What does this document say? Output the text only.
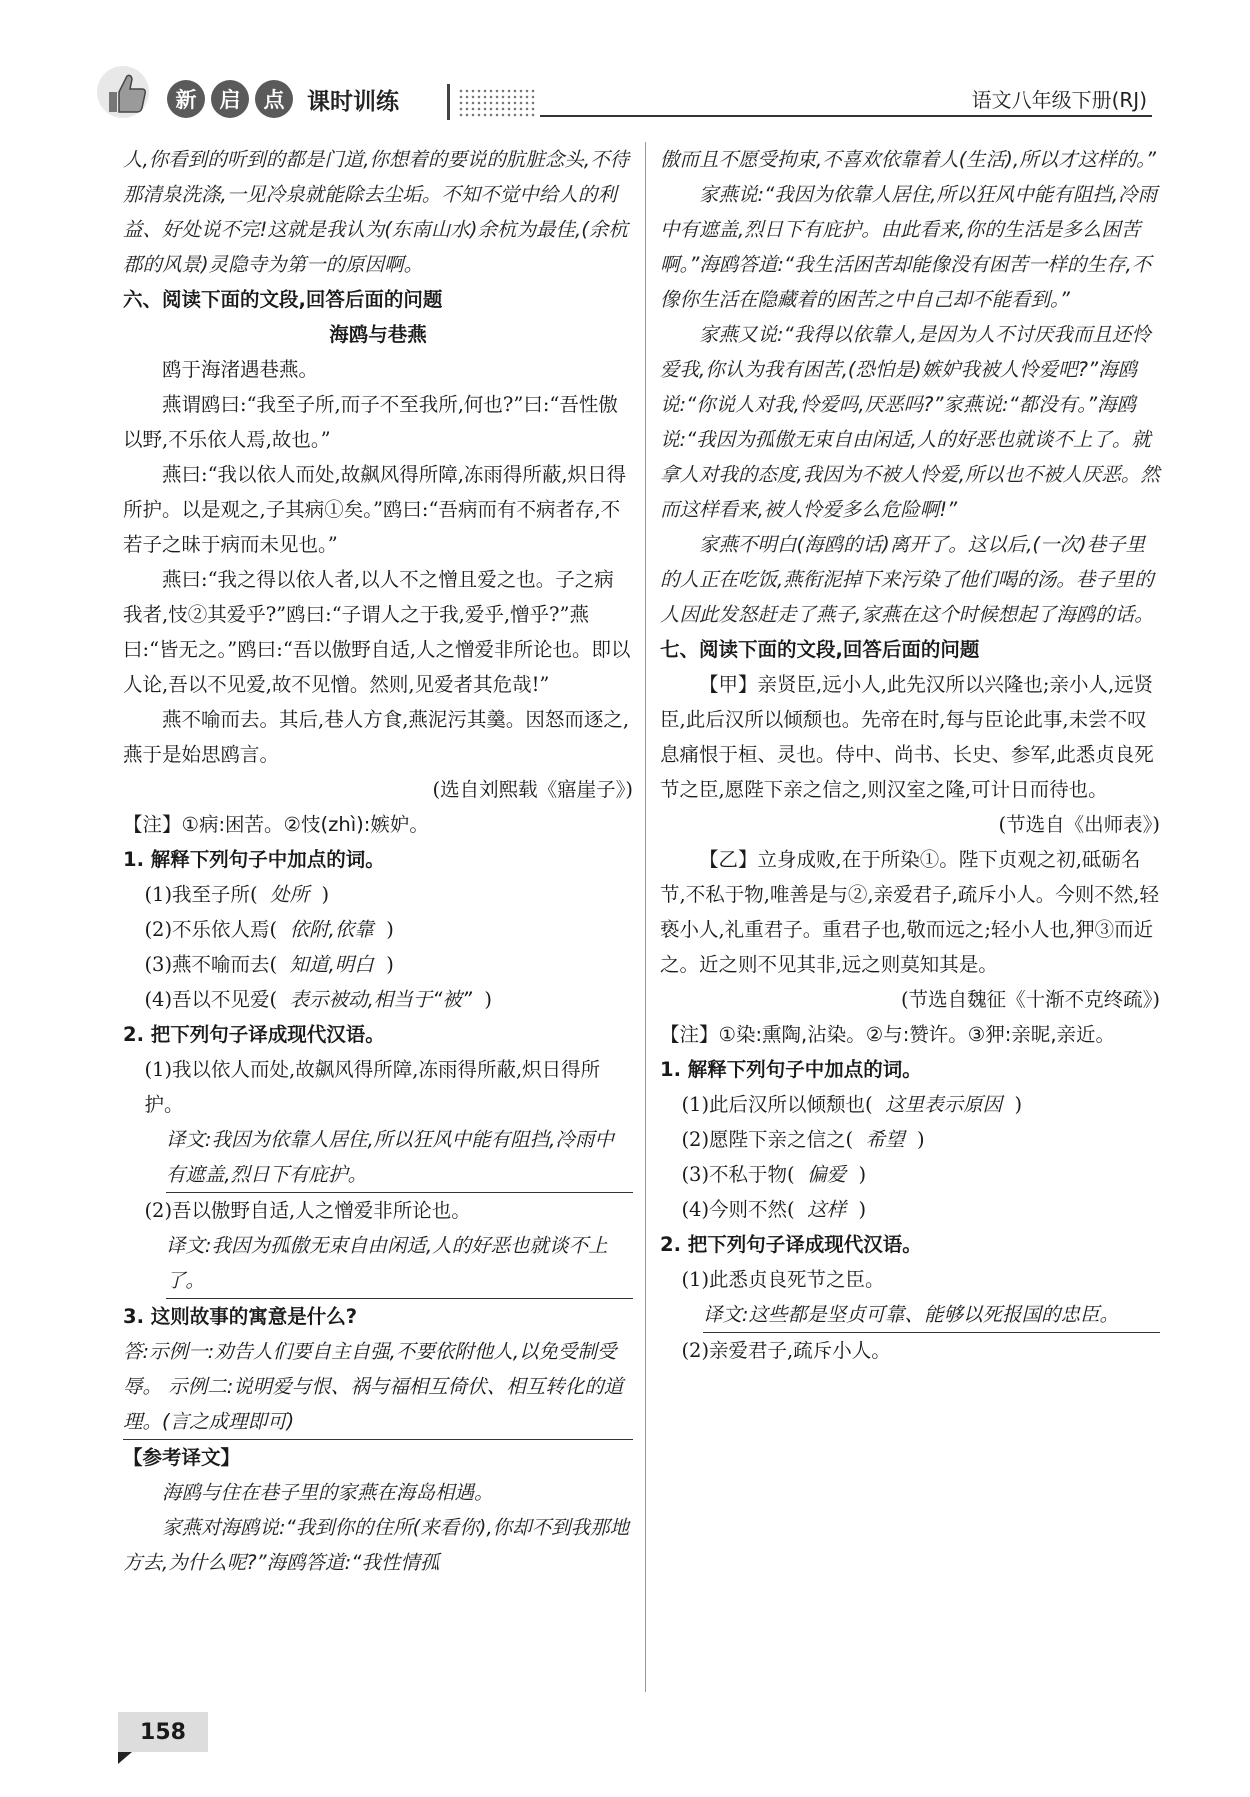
新	启	点 课时训练	语文八年级下册(RJ)

人,你看到的听到的都是门道,你想着的要说的肮脏念头,不待那清泉洗涤,一见冷泉就能除去尘垢。不知不觉中给人的利益、好处说不完!这就是我认为(东南山水)余杭为最佳,(余杭郡的风景)灵隐寺为第一的原因啊。

六、阅读下面的文段,回答后面的问题

海鸥与巷燕

鸥于海渚遇巷燕。

燕谓鸥曰:“我至子所,而子不至我所,何也?”曰:“吾性傲以野,不乐依人焉,故也。”

燕曰:“我以依人而处,故飙风得所障,冻雨得所蔽,炽日得所护。以是观之,子其病①矣。”鸥曰:“吾病而有不病者存,不若子之昧于病而未见也。”

燕曰:“我之得以依人者,以人不之憎且爱之也。子之病我者,忮②其爱乎?”鸥曰:“子谓人之于我,爱乎,憎乎?”燕曰:“皆无之。”鸥曰:“吾以傲野自适,人之憎爱非所论也。即以人论,吾以不见爱,故不见憎。然则,见爱者其危哉!”

燕不喻而去。其后,巷人方食,燕泥污其羹。因怒而逐之,燕于是始思鸥言。

(选自刘熙载《寤崖子》)

【注】①病:困苦。②忮(zhì):嫉妒。

1. 解释下列句子中加点的词。

(1)我至子所( 处所 )

(2)不乐依人焉( 依附,依靠 )

(3)燕不喻而去( 知道,明白 )

(4)吾以不见爱( 表示被动,相当于“被” )

2. 把下列句子译成现代汉语。

(1)我以依人而处,故飙风得所障,冻雨得所蔽,炽日得所护。

译文:我因为依靠人居住,所以狂风中能有阻挡,冷雨中有遮盖,烈日下有庇护。

(2)吾以傲野自适,人之憎爱非所论也。

译文:我因为孤傲无束自由闲适,人的好恶也就谈不上了。

3. 这则故事的寓意是什么?

答:示例一:劝告人们要自主自强,不要依附他人,以免受制受辱。 示例二:说明爱与恨、祸与福相互倚伏、相互转化的道理。(言之成理即可)

【参考译文】

海鸥与住在巷子里的家燕在海岛相遇。

家燕对海鸥说:“我到你的住所(来看你),你却不到我那地方去,为什么呢?”海鸥答道:“我性情孤

傲而且不愿受拘束,不喜欢依靠着人(生活),所以才这样的。”

家燕说:“我因为依靠人居住,所以狂风中能有阻挡,冷雨中有遮盖,烈日下有庇护。由此看来,你的生活是多么困苦啊。”海鸥答道:“我生活困苦却能像没有困苦一样的生存,不像你生活在隐藏着的困苦之中自己却不能看到。”

家燕又说:“我得以依靠人,是因为人不讨厌我而且还怜爱我,你认为我有困苦,(恐怕是)嫉妒我被人怜爱吧?”海鸥说:“你说人对我,怜爱吗,厌恶吗?”家燕说:“都没有。”海鸥说:“我因为孤傲无束自由闲适,人的好恶也就谈不上了。就拿人对我的态度,我因为不被人怜爱,所以也不被人厌恶。然而这样看来,被人怜爱多么危险啊!”

家燕不明白(海鸥的话)离开了。这以后,(一次)巷子里的人正在吃饭,燕衔泥掉下来污染了他们喝的汤。巷子里的人因此发怒赶走了燕子,家燕在这个时候想起了海鸥的话。

七、阅读下面的文段,回答后面的问题

【甲】亲贤臣,远小人,此先汉所以兴隆也;亲小人,远贤臣,此后汉所以倾颓也。先帝在时,每与臣论此事,未尝不叹息痛恨于桓、灵也。侍中、尚书、长史、参军,此悉贞良死节之臣,愿陛下亲之信之,则汉室之隆,可计日而待也。

(节选自《出师表》)

【乙】立身成败,在于所染①。陛下贞观之初,砥砺名节,不私于物,唯善是与②,亲爱君子,疏斥小人。今则不然,轻亵小人,礼重君子。重君子也,敬而远之;轻小人也,狎③而近之。近之则不见其非,远之则莫知其是。

(节选自魏征《十渐不克终疏》)

【注】①染:熏陶,沾染。②与:赞许。③狎:亲昵,亲近。

1. 解释下列句子中加点的词。

(1)此后汉所以倾颓也( 这里表示原因 )

(2)愿陛下亲之信之( 希望 )

(3)不私于物( 偏爱 )

(4)今则不然( 这样 )

2. 把下列句子译成现代汉语。

(1)此悉贞良死节之臣。

译文:这些都是坚贞可靠、能够以死报国的忠臣。

(2)亲爱君子,疏斥小人。

158
